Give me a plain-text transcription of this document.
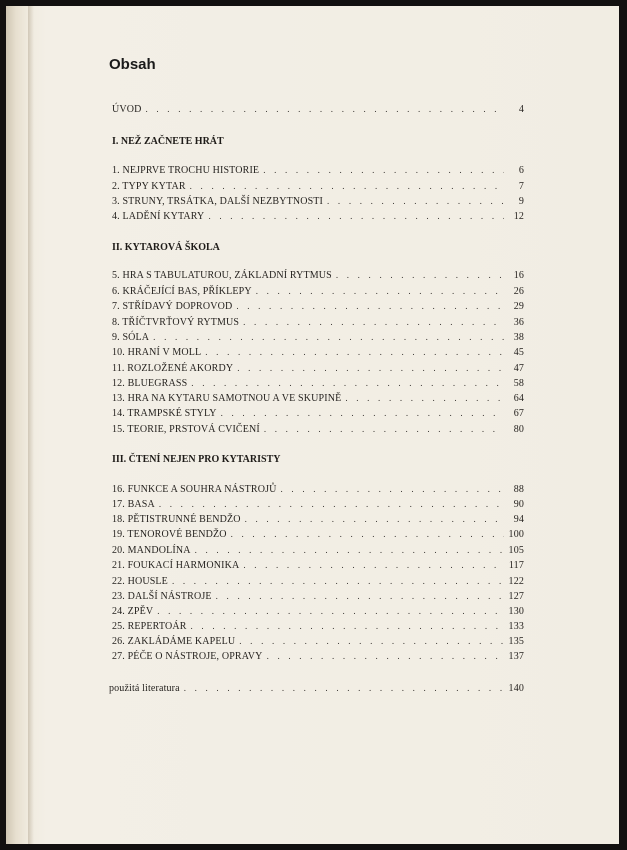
Obsah
ÚVOD . . .	4
I. NEŽ ZAČNETE HRÁT
1. NEJPRVE TROCHU HISTORIE . . .	6
2. TYPY KYTAR . . .	7
3. STRUNY, TRSÁTKA, DALŠÍ NEZBYTNOSTI . . .	9
4. LADĚNÍ KYTARY . . .	12
II. KYTAROVÁ ŠKOLA
5. HRA S TABULATUROU, ZÁKLADNÍ RYTMUS . . .	16
6. KRÁČEJÍCÍ BAS, PŘÍKLEPY . . .	26
7. STŘÍDAVÝ DOPROVOD . . .	29
8. TŘÍČTVRŤOVÝ RYTMUS . . .	36
9. SÓLA . . .	38
10. HRANÍ V MOLL . . .	45
11. ROZLOŽENÉ AKORDY . . .	47
12. BLUEGRASS . . .	58
13. HRA NA KYTARU SAMOTNOU A VE SKUPINĚ . . .	64
14. TRAMPSKÉ STYLY . . .	67
15. TEORIE, PRSTOVÁ CVIČENÍ . . .	80
III. ČTENÍ NEJEN PRO KYTARISTY
16. FUNKCE A SOUHRA NÁSTROJŮ . . .	88
17. BASA . . .	90
18. PĚTISTRUNNÉ BENDŽO . . .	94
19. TENOROVÉ BENDŽO . . .	100
20. MANDOLÍNA . . .	105
21. FOUKACÍ HARMONIKA . . .	117
22. HOUSLE . . .	122
23. DALŠÍ NÁSTROJE . . .	127
24. ZPĚV . . .	130
25. REPERTOÁR . . .	133
26. ZAKLÁDÁME KAPELU . . .	135
27. PÉČE O NÁSTROJE, OPRAVY . . .	137
použitá literatura . . .	140
